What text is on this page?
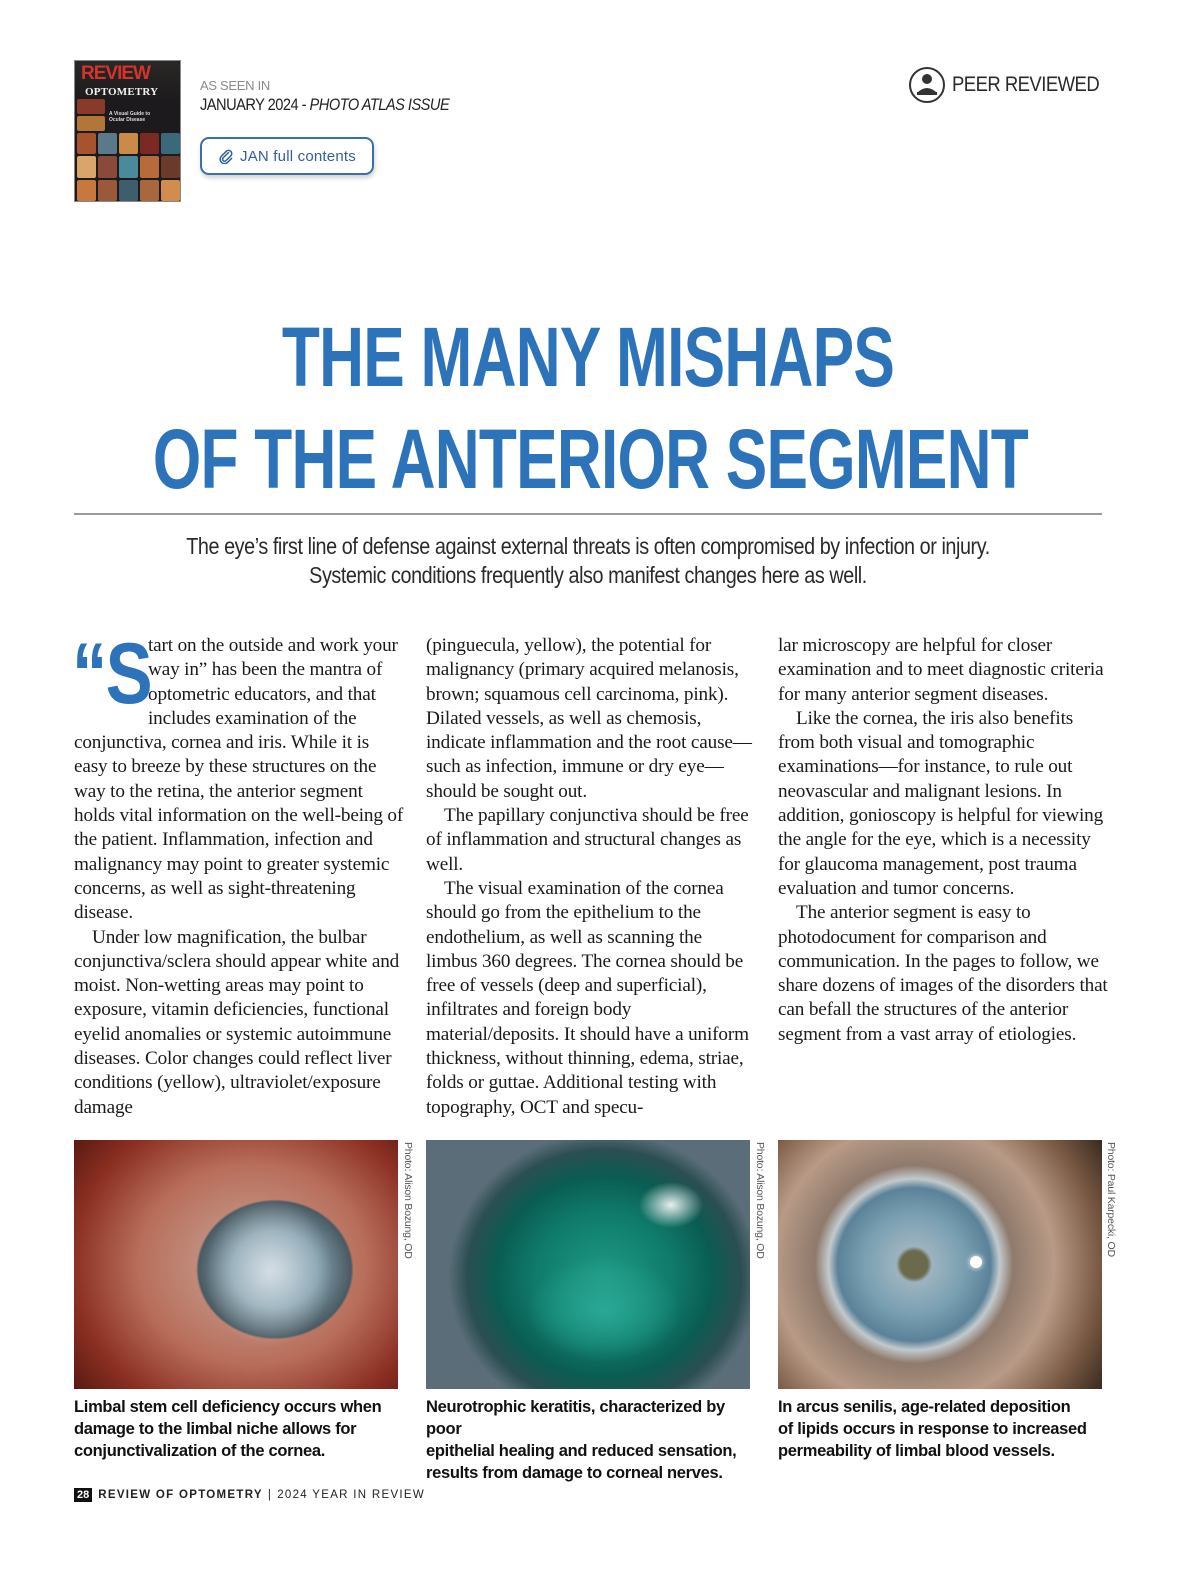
REVIEW
OPTOMETRY
A Visual Guide to Ocular Disease
AS SEEN IN
JANUARY 2024 - PHOTO ATLAS ISSUE
JAN full contents
PEER REVIEWED
THE MANY MISHAPS
OF THE ANTERIOR SEGMENT
The eye’s first line of defense against external threats is often compromised by infection or injury.
Systemic conditions frequently also manifest changes here as well.
“S

tart on the outside and work your way in” has been the mantra of optometric educators, and that includes examination of the conjunctiva, cornea and iris. While it is easy to breeze by these structures on the way to the retina, the anterior segment holds vital information on the well-being of the patient. Inflammation, infection and malignancy may point to greater systemic concerns, as well as sight-threatening disease.

Under low magnification, the bulbar conjunctiva/sclera should appear white and moist. Non-wetting areas may point to exposure, vitamin deficiencies, functional eyelid anomalies or systemic autoimmune diseases. Color changes could reflect liver conditions (yellow), ultraviolet/exposure damage

(pinguecula, yellow), the potential for malignancy (primary acquired melanosis, brown; squamous cell carcinoma, pink). Dilated vessels, as well as chemosis, indicate inflammation and the root cause—such as infection, immune or dry eye—should be sought out.

The papillary conjunctiva should be free of inflammation and structural changes as well.

The visual examination of the cornea should go from the epithelium to the endothelium, as well as scanning the limbus 360 degrees. The cornea should be free of vessels (deep and superficial), infiltrates and foreign body material/deposits. It should have a uniform thickness, without thinning, edema, striae, folds or guttae. Additional testing with topography, OCT and specu-

lar microscopy are helpful for closer examination and to meet diagnostic criteria for many anterior segment diseases.

Like the cornea, the iris also benefits from both visual and tomographic examinations—for instance, to rule out neovascular and malignant lesions. In addition, gonioscopy is helpful for viewing the angle for the eye, which is a necessity for glaucoma management, post trauma evaluation and tumor concerns.

The anterior segment is easy to photodocument for comparison and communication. In the pages to follow, we share dozens of images of the disorders that can befall the structures of the anterior segment from a vast array of etiologies.

Photo: Alison Bozung, OD	Photo: Alison Bozung, OD	Photo: Paul Karpecki, OD
Limbal stem cell deficiency occurs when
damage to the limbal niche allows for
conjunctivalization of the cornea.
Neurotrophic keratitis, characterized by poor
epithelial healing and reduced sensation,
results from damage to corneal nerves.
In arcus senilis, age-related deposition
of lipids occurs in response to increased
permeability of limbal blood vessels.
28 REVIEW OF OPTOMETRY | 2024 YEAR IN REVIEW
